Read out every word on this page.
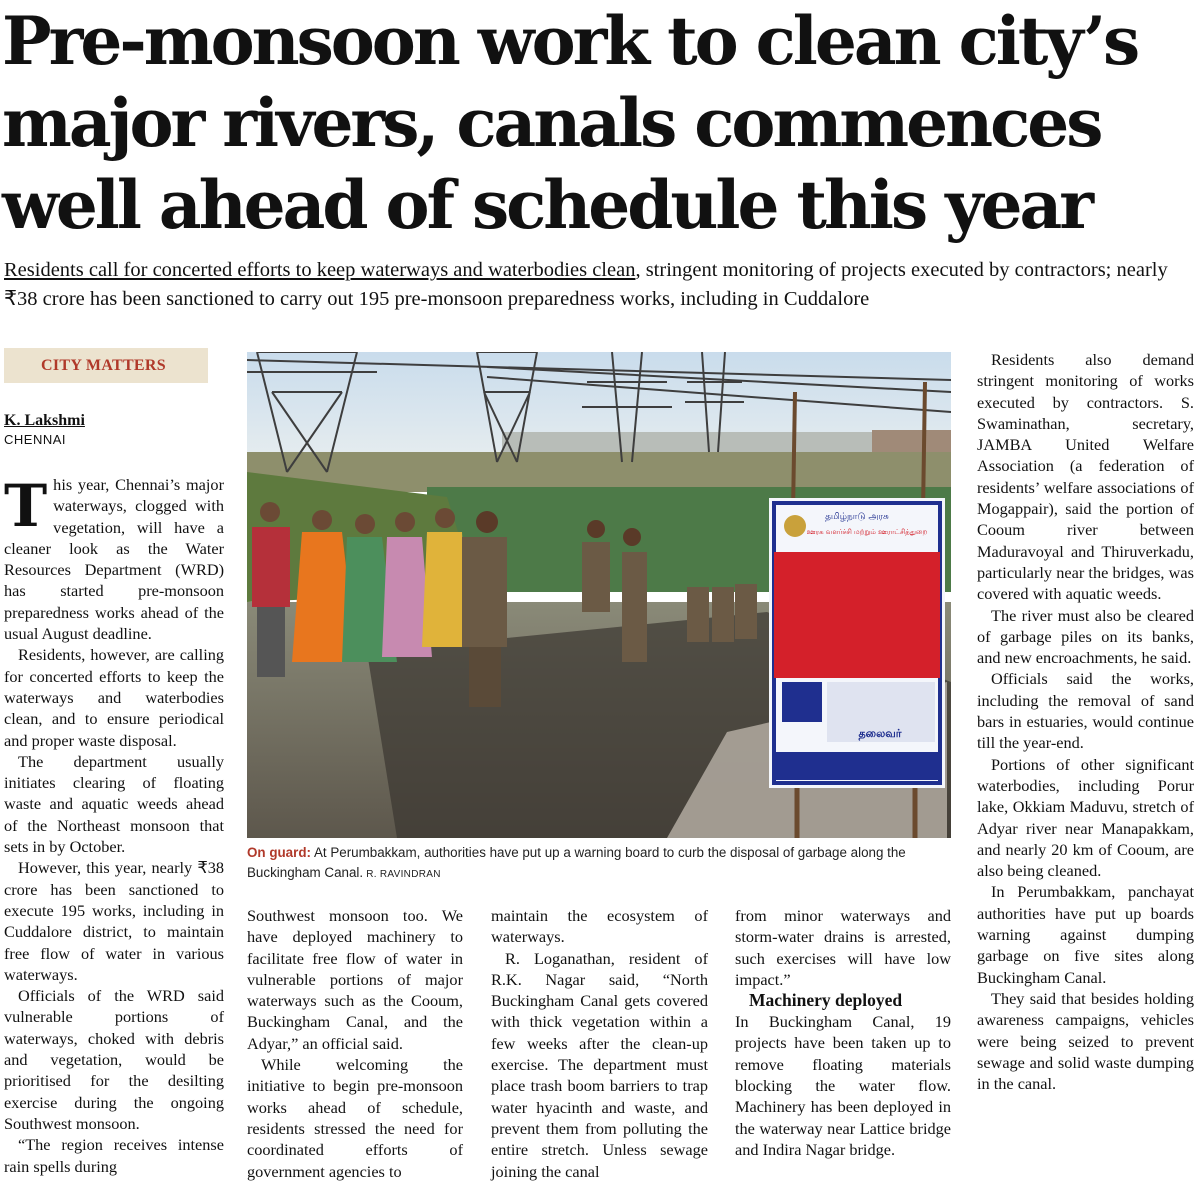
Pre-monsoon work to clean city’s major rivers, canals commences well ahead of schedule this year

Residents call for concerted efforts to keep waterways and waterbodies clean, stringent monitoring of projects executed by contractors; nearly ₹38 crore has been sanctioned to carry out 195 pre-monsoon preparedness works, including in Cuddalore

CITY MATTERS
K. Lakshmi
CHENNAI

This year, Chennai’s major waterways, clogged with vegetation, will have a cleaner look as the Water Resources Department (WRD) has started pre-monsoon preparedness works ahead of the usual August deadline.

Residents, however, are calling for concerted efforts to keep the waterways and waterbodies clean, and to ensure periodical and proper waste disposal.

The department usually initiates clearing of floating waste and aquatic weeds ahead of the Northeast monsoon that sets in by October.

However, this year, nearly ₹38 crore has been sanctioned to execute 195 works, including in Cuddalore district, to maintain free flow of water in various waterways.

Officials of the WRD said vulnerable portions of waterways, choked with debris and vegetation, would be prioritised for the desilting exercise during the ongoing Southwest monsoon.

“The region receives intense rain spells during

தமிழ்நாடு அரசு
ஊரக வளர்ச்சி மற்றும் ஊராட்சித்துறை
தலைவர்
On guard: At Perumbakkam, authorities have put up a warning board to curb the disposal of garbage along the Buckingham Canal. R. RAVINDRAN

Southwest monsoon too. We have deployed machinery to facilitate free flow of water in vulnerable portions of major waterways such as the Cooum, Buckingham Canal, and the Adyar,” an official said.

While welcoming the initiative to begin pre-monsoon works ahead of schedule, residents stressed the need for coordinated efforts of government agencies to

maintain the ecosystem of waterways.

R. Loganathan, resident of R.K. Nagar said, “North Buckingham Canal gets covered with thick vegetation within a few weeks after the clean-up exercise. The department must place trash boom barriers to trap water hyacinth and waste, and prevent them from polluting the entire stretch. Unless sewage joining the canal

from minor waterways and storm-water drains is arrested, such exercises will have low impact.”

Machinery deployed

In Buckingham Canal, 19 projects have been taken up to remove floating materials blocking the water flow. Machinery has been deployed in the waterway near Lattice bridge and Indira Nagar bridge.

Residents also demand stringent monitoring of works executed by contractors. S. Swaminathan, secretary, JAMBA United Welfare Association (a federation of residents’ welfare associations of Mogappair), said the portion of Cooum river between Maduravoyal and Thiruverkadu, particularly near the bridges, was covered with aquatic weeds.

The river must also be cleared of garbage piles on its banks, and new encroachments, he said.

Officials said the works, including the removal of sand bars in estuaries, would continue till the year-end.

Portions of other significant waterbodies, including Porur lake, Okkiam Maduvu, stretch of Adyar river near Manapakkam, and nearly 20 km of Cooum, are also being cleaned.

In Perumbakkam, panchayat authorities have put up boards warning against dumping garbage on five sites along Buckingham Canal.

They said that besides holding awareness campaigns, vehicles were being seized to prevent sewage and solid waste dumping in the canal.
